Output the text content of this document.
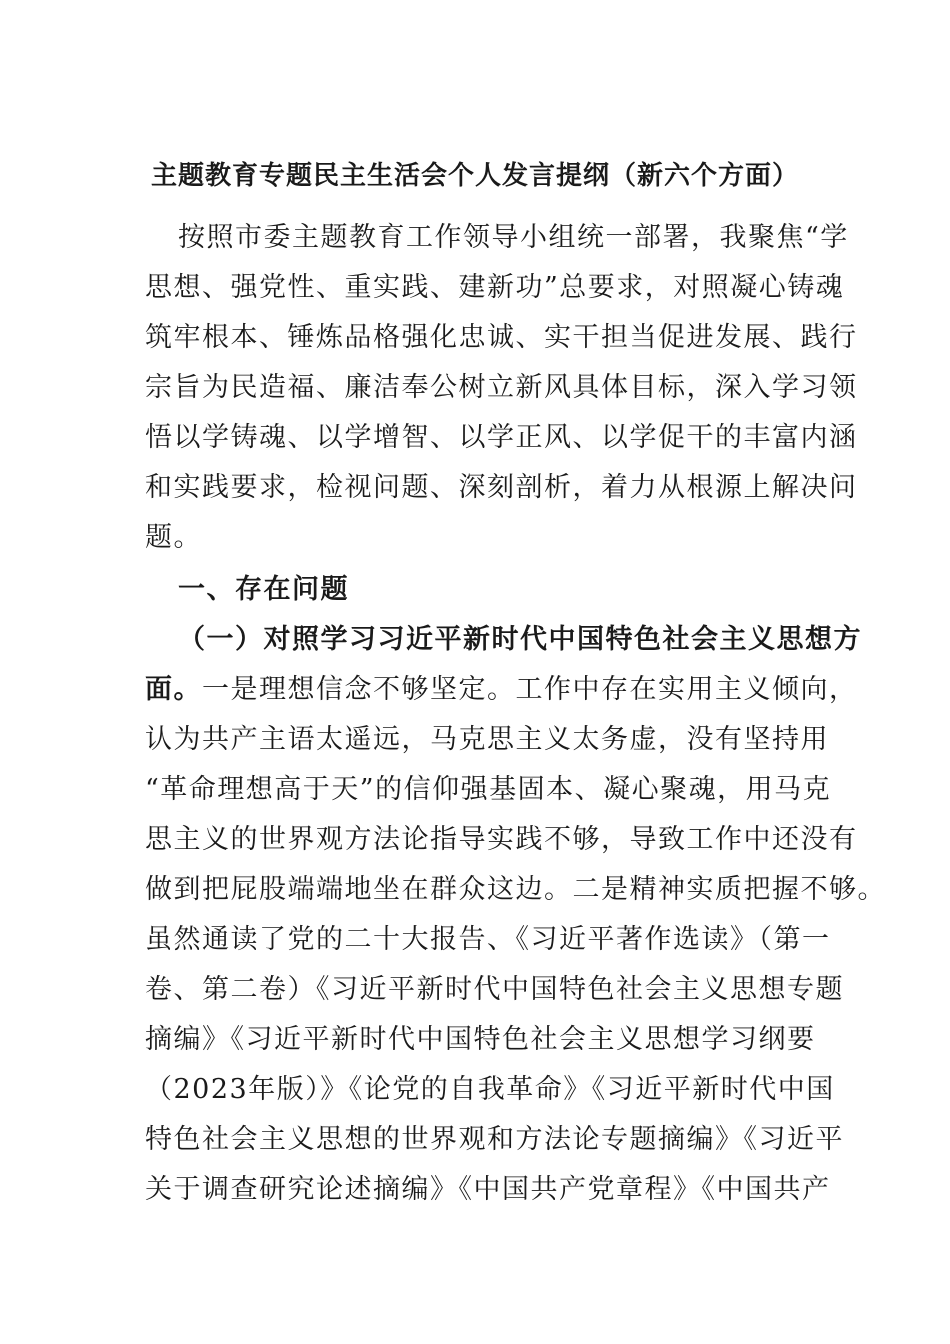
主题教育专题民主生活会个人发言提纲（新六个方面）
按照市委主题教育工作领导小组统一部署，我聚焦“学
思想、强党性、重实践、建新功”总要求，对照凝心铸魂
筑牢根本、锤炼品格强化忠诚、实干担当促进发展、践行
宗旨为民造福、廉洁奉公树立新风具体目标，深入学习领
悟以学铸魂、以学增智、以学正风、以学促干的丰富内涵
和实践要求，检视问题、深刻剖析，着力从根源上解决问
题。
一、存在问题
（一）对照学习习近平新时代中国特色社会主义思想方
面。一是理想信念不够坚定。工作中存在实用主义倾向，
认为共产主语太遥远，马克思主义太务虚，没有坚持用
“革命理想高于天”的信仰强基固本、凝心聚魂，用马克
思主义的世界观方法论指导实践不够，导致工作中还没有
做到把屁股端端地坐在群众这边。二是精神实质把握不够。
虽然通读了党的二十大报告、《习近平著作选读》（第一
卷、第二卷）《习近平新时代中国特色社会主义思想专题
摘编》《习近平新时代中国特色社会主义思想学习纲要
（2023年版）》《论党的自我革命》《习近平新时代中国
特色社会主义思想的世界观和方法论专题摘编》《习近平
关于调查研究论述摘编》《中国共产党章程》《中国共产
